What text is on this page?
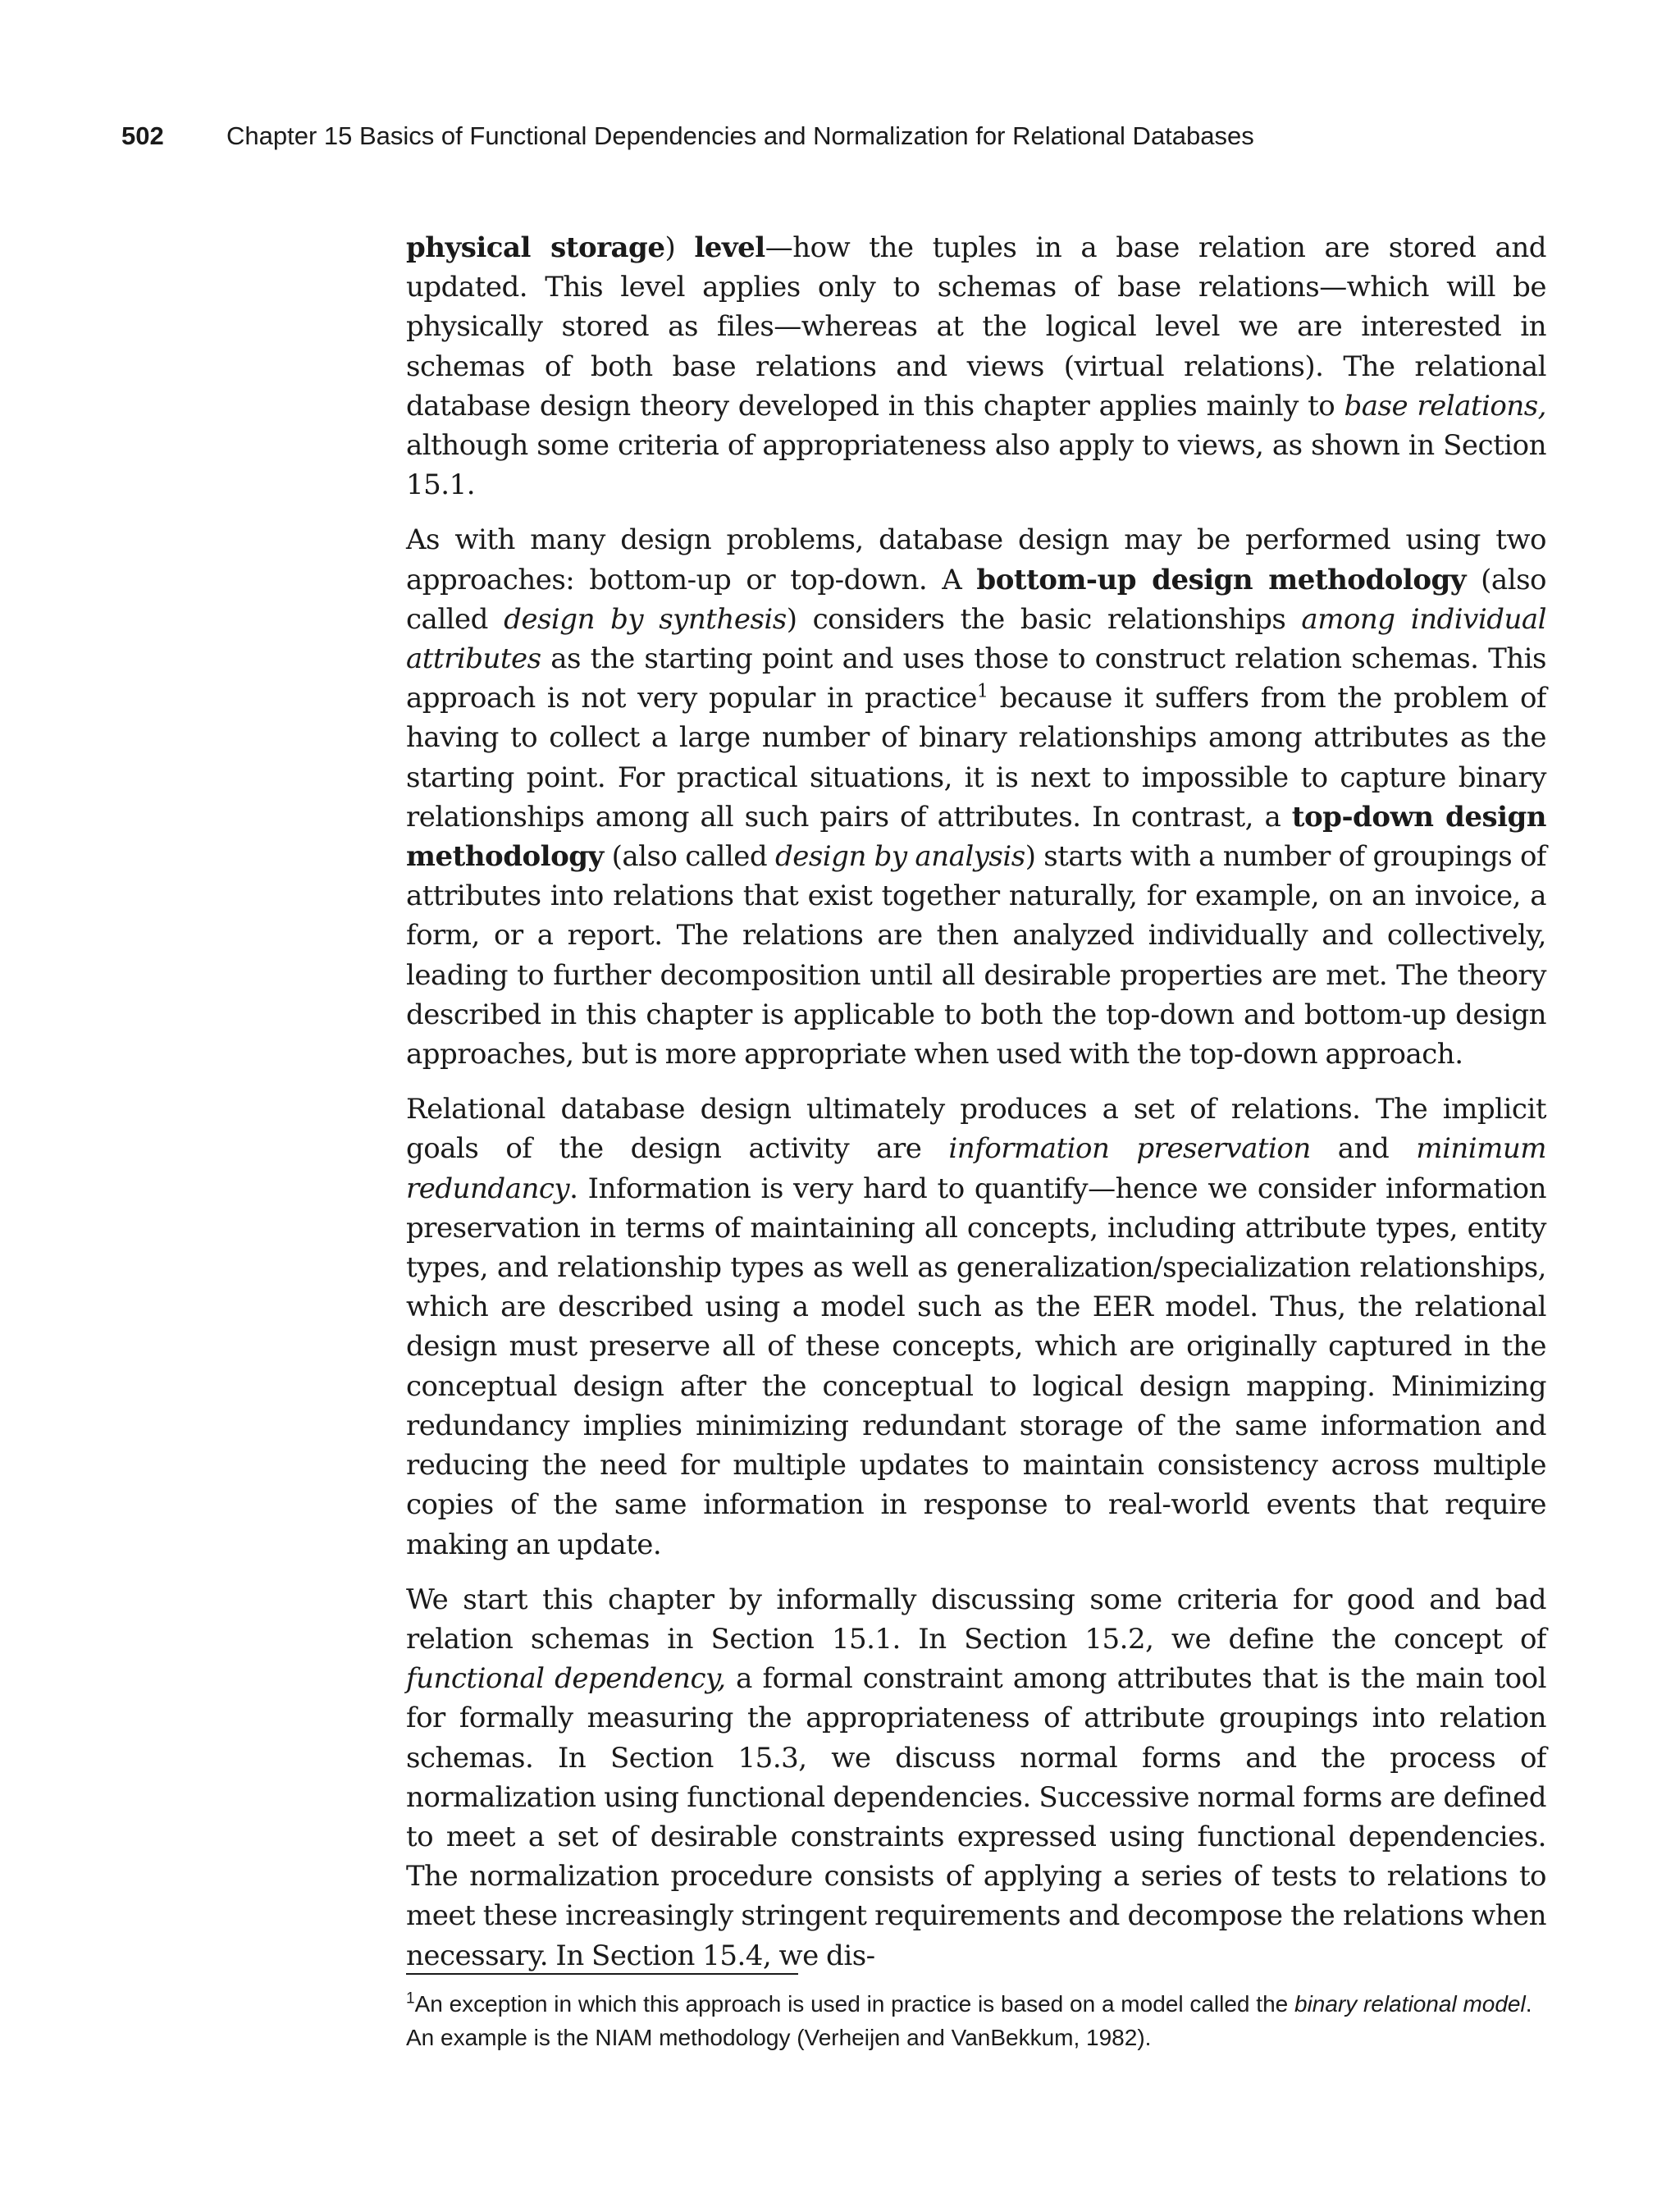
502 Chapter 15 Basics of Functional Dependencies and Normalization for Relational Databases

physical storage) level—how the tuples in a base relation are stored and updated. This level applies only to schemas of base relations—which will be physically stored as files—whereas at the logical level we are interested in schemas of both base relations and views (virtual relations). The relational database design theory developed in this chapter applies mainly to base relations, although some criteria of appropriateness also apply to views, as shown in Section 15.1.

As with many design problems, database design may be performed using two approaches: bottom-up or top-down. A bottom-up design methodology (also called design by synthesis) considers the basic relationships among individual attributes as the starting point and uses those to construct relation schemas. This approach is not very popular in practice$^1$ because it suffers from the problem of having to collect a large number of binary relationships among attributes as the starting point. For practical situations, it is next to impossible to capture binary relationships among all such pairs of attributes. In contrast, a top-down design methodology (also called design by analysis) starts with a number of groupings of attributes into relations that exist together naturally, for example, on an invoice, a form, or a report. The relations are then analyzed individually and collectively, leading to further decomposition until all desirable properties are met. The theory described in this chapter is applicable to both the top-down and bottom-up design approaches, but is more appropriate when used with the top-down approach.

Relational database design ultimately produces a set of relations. The implicit goals of the design activity are information preservation and minimum redundancy. Information is very hard to quantify—hence we consider information preservation in terms of maintaining all concepts, including attribute types, entity types, and relationship types as well as generalization/specialization relationships, which are described using a model such as the EER model. Thus, the relational design must preserve all of these concepts, which are originally captured in the conceptual design after the conceptual to logical design mapping. Minimizing redundancy implies minimizing redundant storage of the same information and reducing the need for multiple updates to maintain consistency across multiple copies of the same information in response to real-world events that require making an update.

We start this chapter by informally discussing some criteria for good and bad relation schemas in Section 15.1. In Section 15.2, we define the concept of functional dependency, a formal constraint among attributes that is the main tool for formally measuring the appropriateness of attribute groupings into relation schemas. In Section 15.3, we discuss normal forms and the process of normalization using functional dependencies. Successive normal forms are defined to meet a set of desirable constraints expressed using functional dependencies. The normalization procedure consists of applying a series of tests to relations to meet these increasingly stringent requirements and decompose the relations when necessary. In Section 15.4, we dis-

$^1$An exception in which this approach is used in practice is based on a model called the binary relational model. An example is the NIAM methodology (Verheijen and VanBekkum, 1982).
